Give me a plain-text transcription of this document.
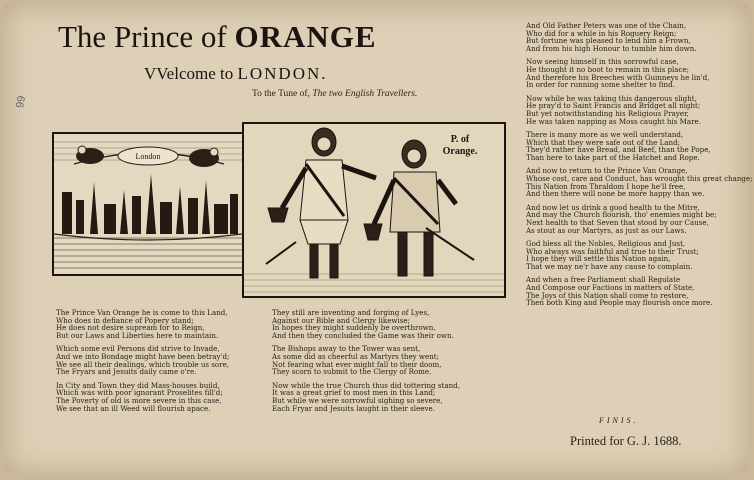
99
The Prince of ORANGE
VVelcome to LONDON.
To the Tune of, The two English Travellers.
London
P. of
Orange.
The Prince Van Orange he is come to this Land,
Who does in defiance of Popery stand;
He does not desire supream for to Reign,
But our Laws and Liberties here to maintain.
Which some evil Persons did strive to Invade,
And we into Bondage might have been betray'd;
We see all their dealings, which trouble us sore,
The Fryars and Jesuits daily came o're.
In City and Town they did Mass-houses build,
Which was with poor ignorant Proselites fill'd;
The Poverty of old is more severe in this case,
We see that an ill Weed will flourish apace.
They still are inventing and forging of Lyes,
Against our Bible and Clergy likewise;
In hopes they might suddenly be overthrown,
And then they concluded the Game was their own.
The Bishops away to the Tower was sent,
As some did as cheerful as Martyrs they went;
Not fearing what ever might fall to their doom,
They scorn to submit to the Clergy of Rome.
Now while the true Church thus did tottering stand,
It was a great grief to most men in this Land;
But while we were sorrowful sighing so severe,
Each Fryar and Jesuits laught in their sleeve.
And Old Father Peters was one of the Chain,
Who did for a while in his Roguery Reign;
But fortune was pleased to lend him a Frown,
And from his high Honour to tumble him down.
Now seeing himself in this sorrowful case,
He thought it no boot to remain in this place;
And therefore his Breeches with Guinneys he lin'd,
In order for running some shelter to find.
Now while he was taking this dangerous slight,
He pray'd to Saint Francis and Bridget all night;
But yet notwithstanding his Religious Prayer,
He was taken napping as Moss caught his Mare.
There is many more as we well understand,
Which that they were safe out of the Land;
They'd rather have Bread, and Beef, than the Pope,
Than here to take part of the Hatchet and Rope.
And now to return to the Prince Van Orange,
Whose cost, care and Conduct, has wrought this great change;
This Nation from Thraldom I hope he'll free,
And then there will none be more happy than we.
And now let us drink a good health to the Mitre,
And may the Church flourish, tho' enemies might be;
Next health to that Seven that stood by our Cause,
As stout as our Martyrs, as just as our Laws.
God bless all the Nobles, Religious and Just,
Who always was faithful and true to their Trust;
I hope they will settle this Nation again,
That we may ne'r have any cause to complain.
And when a free Parliament shall Regulate
And Compose our Factions in matters of State,
The Joys of this Nation shall come to restore,
Then both King and People may flourish once more.
FINIS.
Printed for G. J. 1688.
